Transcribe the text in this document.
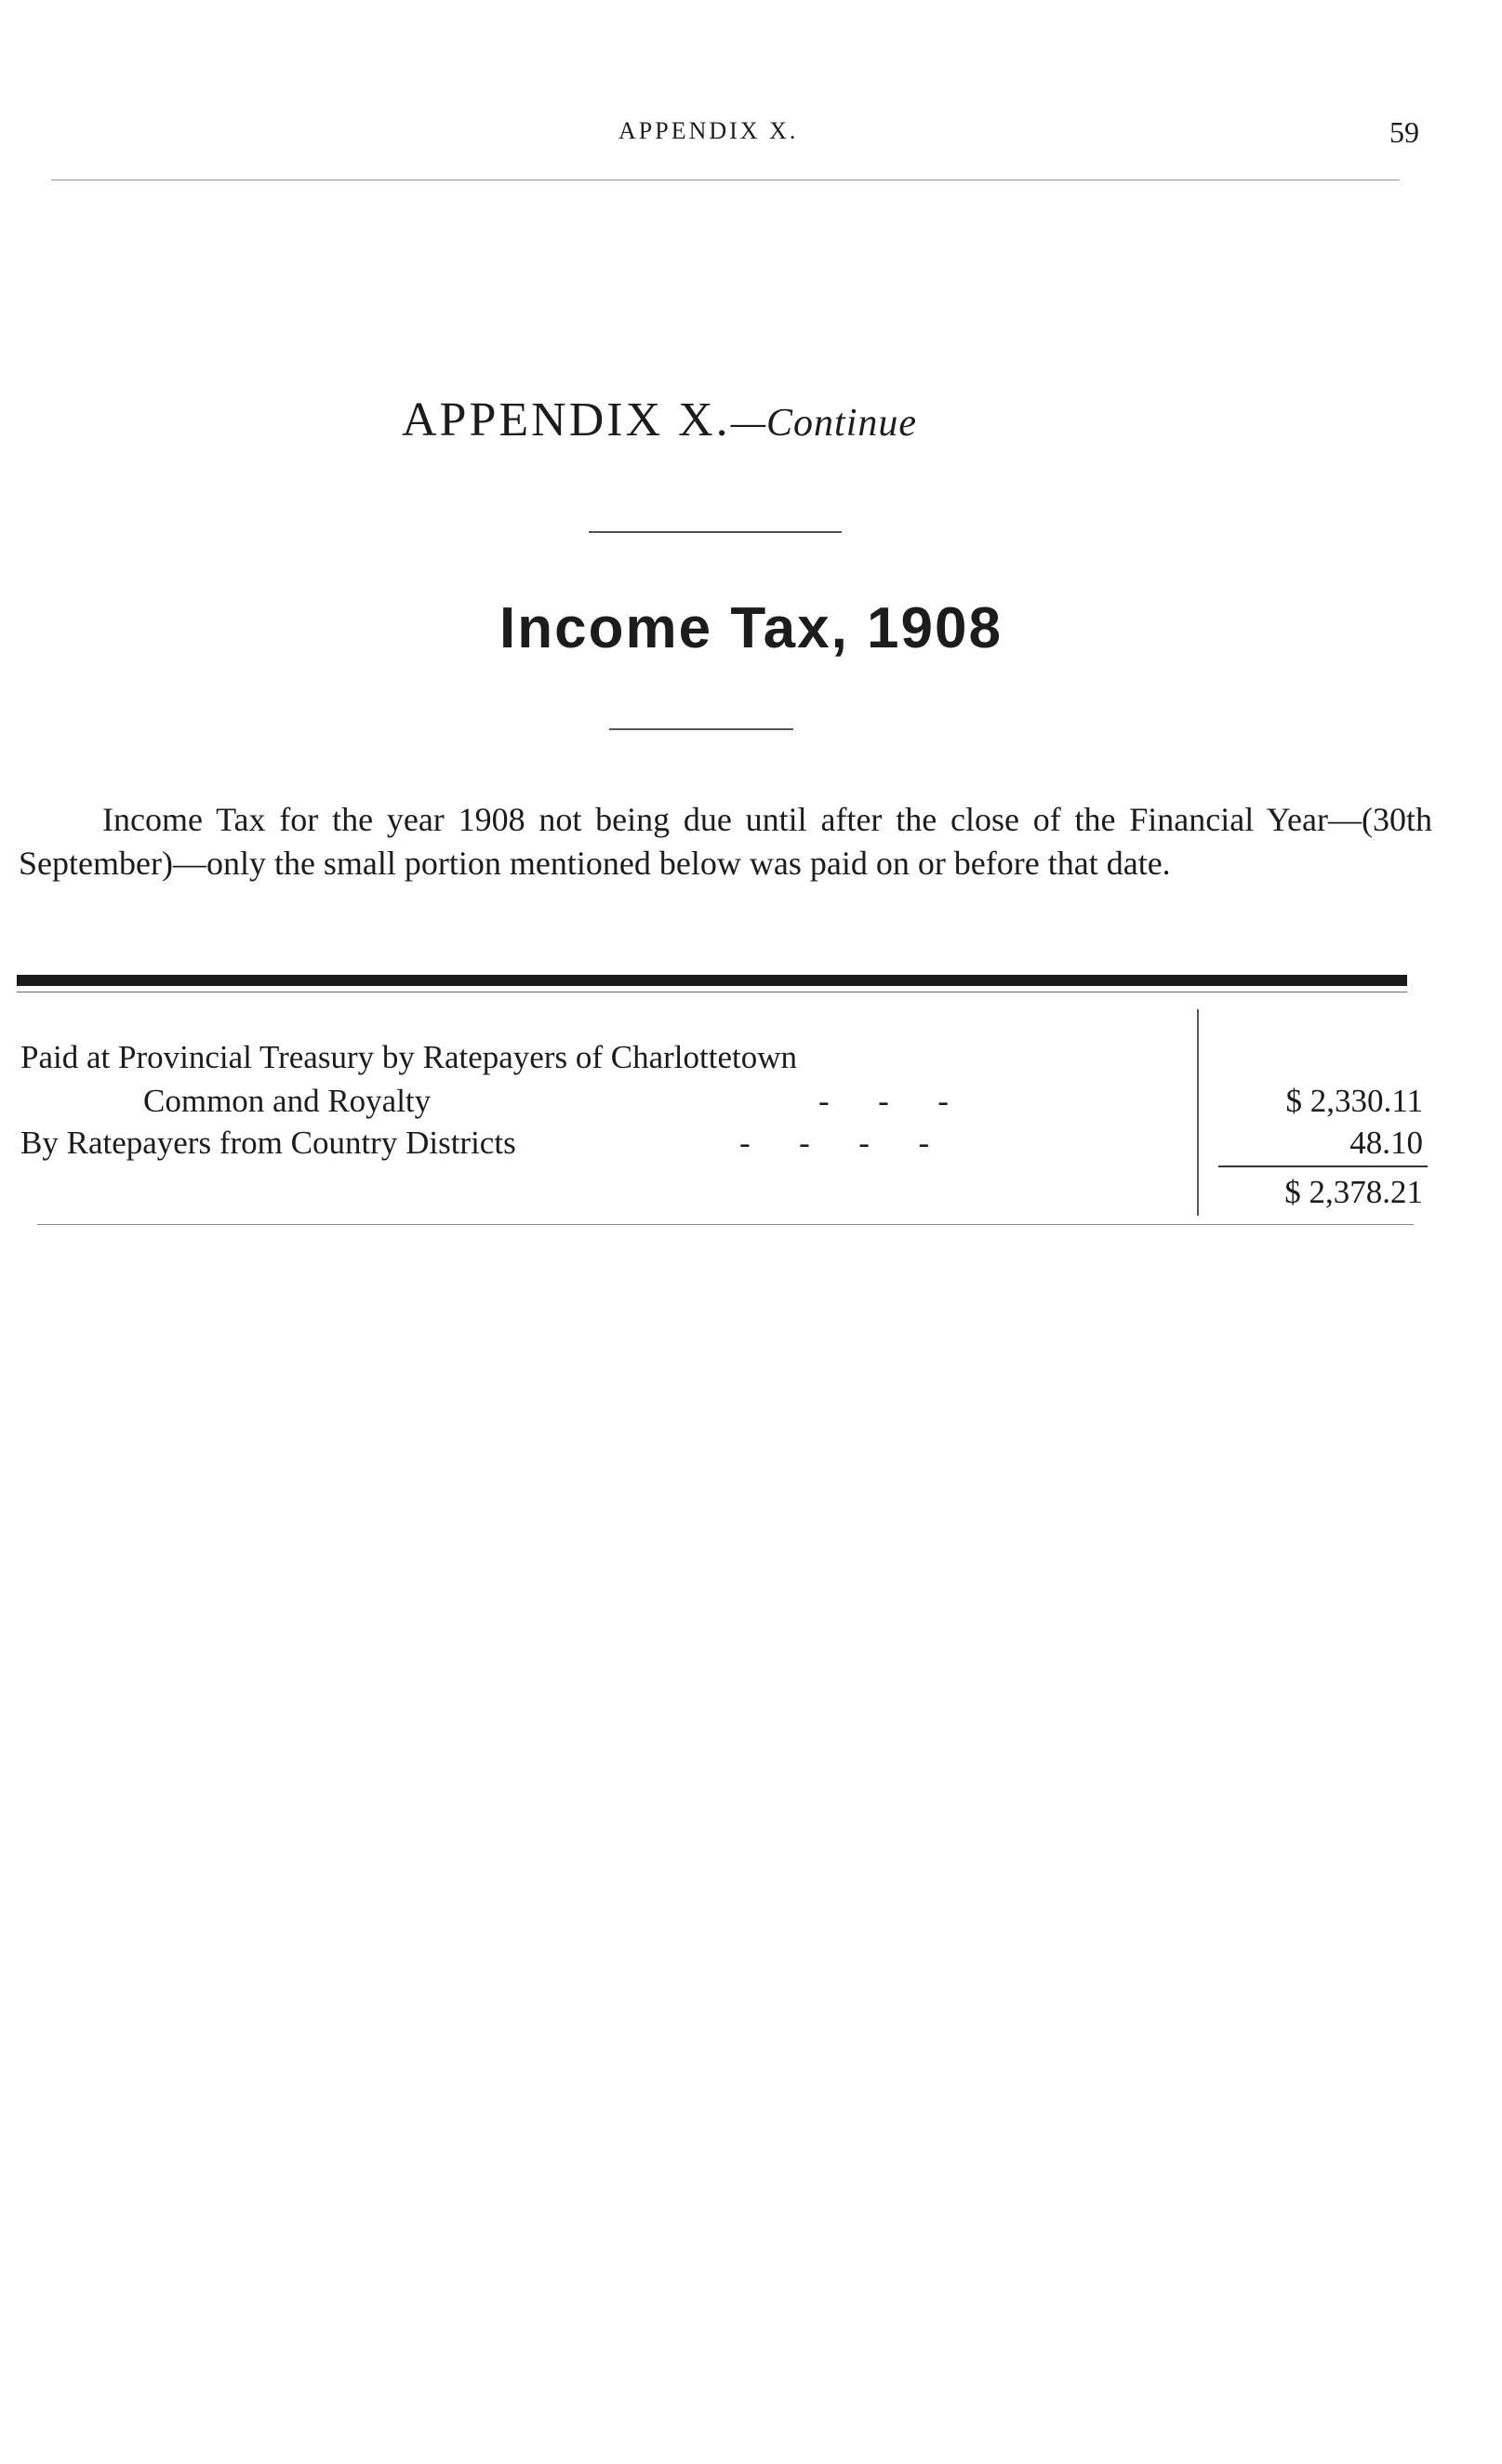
APPENDIX X.	59
APPENDIX X.—Continue
Income Tax, 1908
Income Tax for the year 1908 not being due until after the close of the Financial Year—(30th September)—only the small portion mentioned below was paid on or before that date.
Paid at Provincial Treasury by Ratepayers of Charlottetown
Common and Royalty	-      -      -	$ 2,330.11
By Ratepayers from Country Districts	-      -      -      -	48.10
$ 2,378.21
